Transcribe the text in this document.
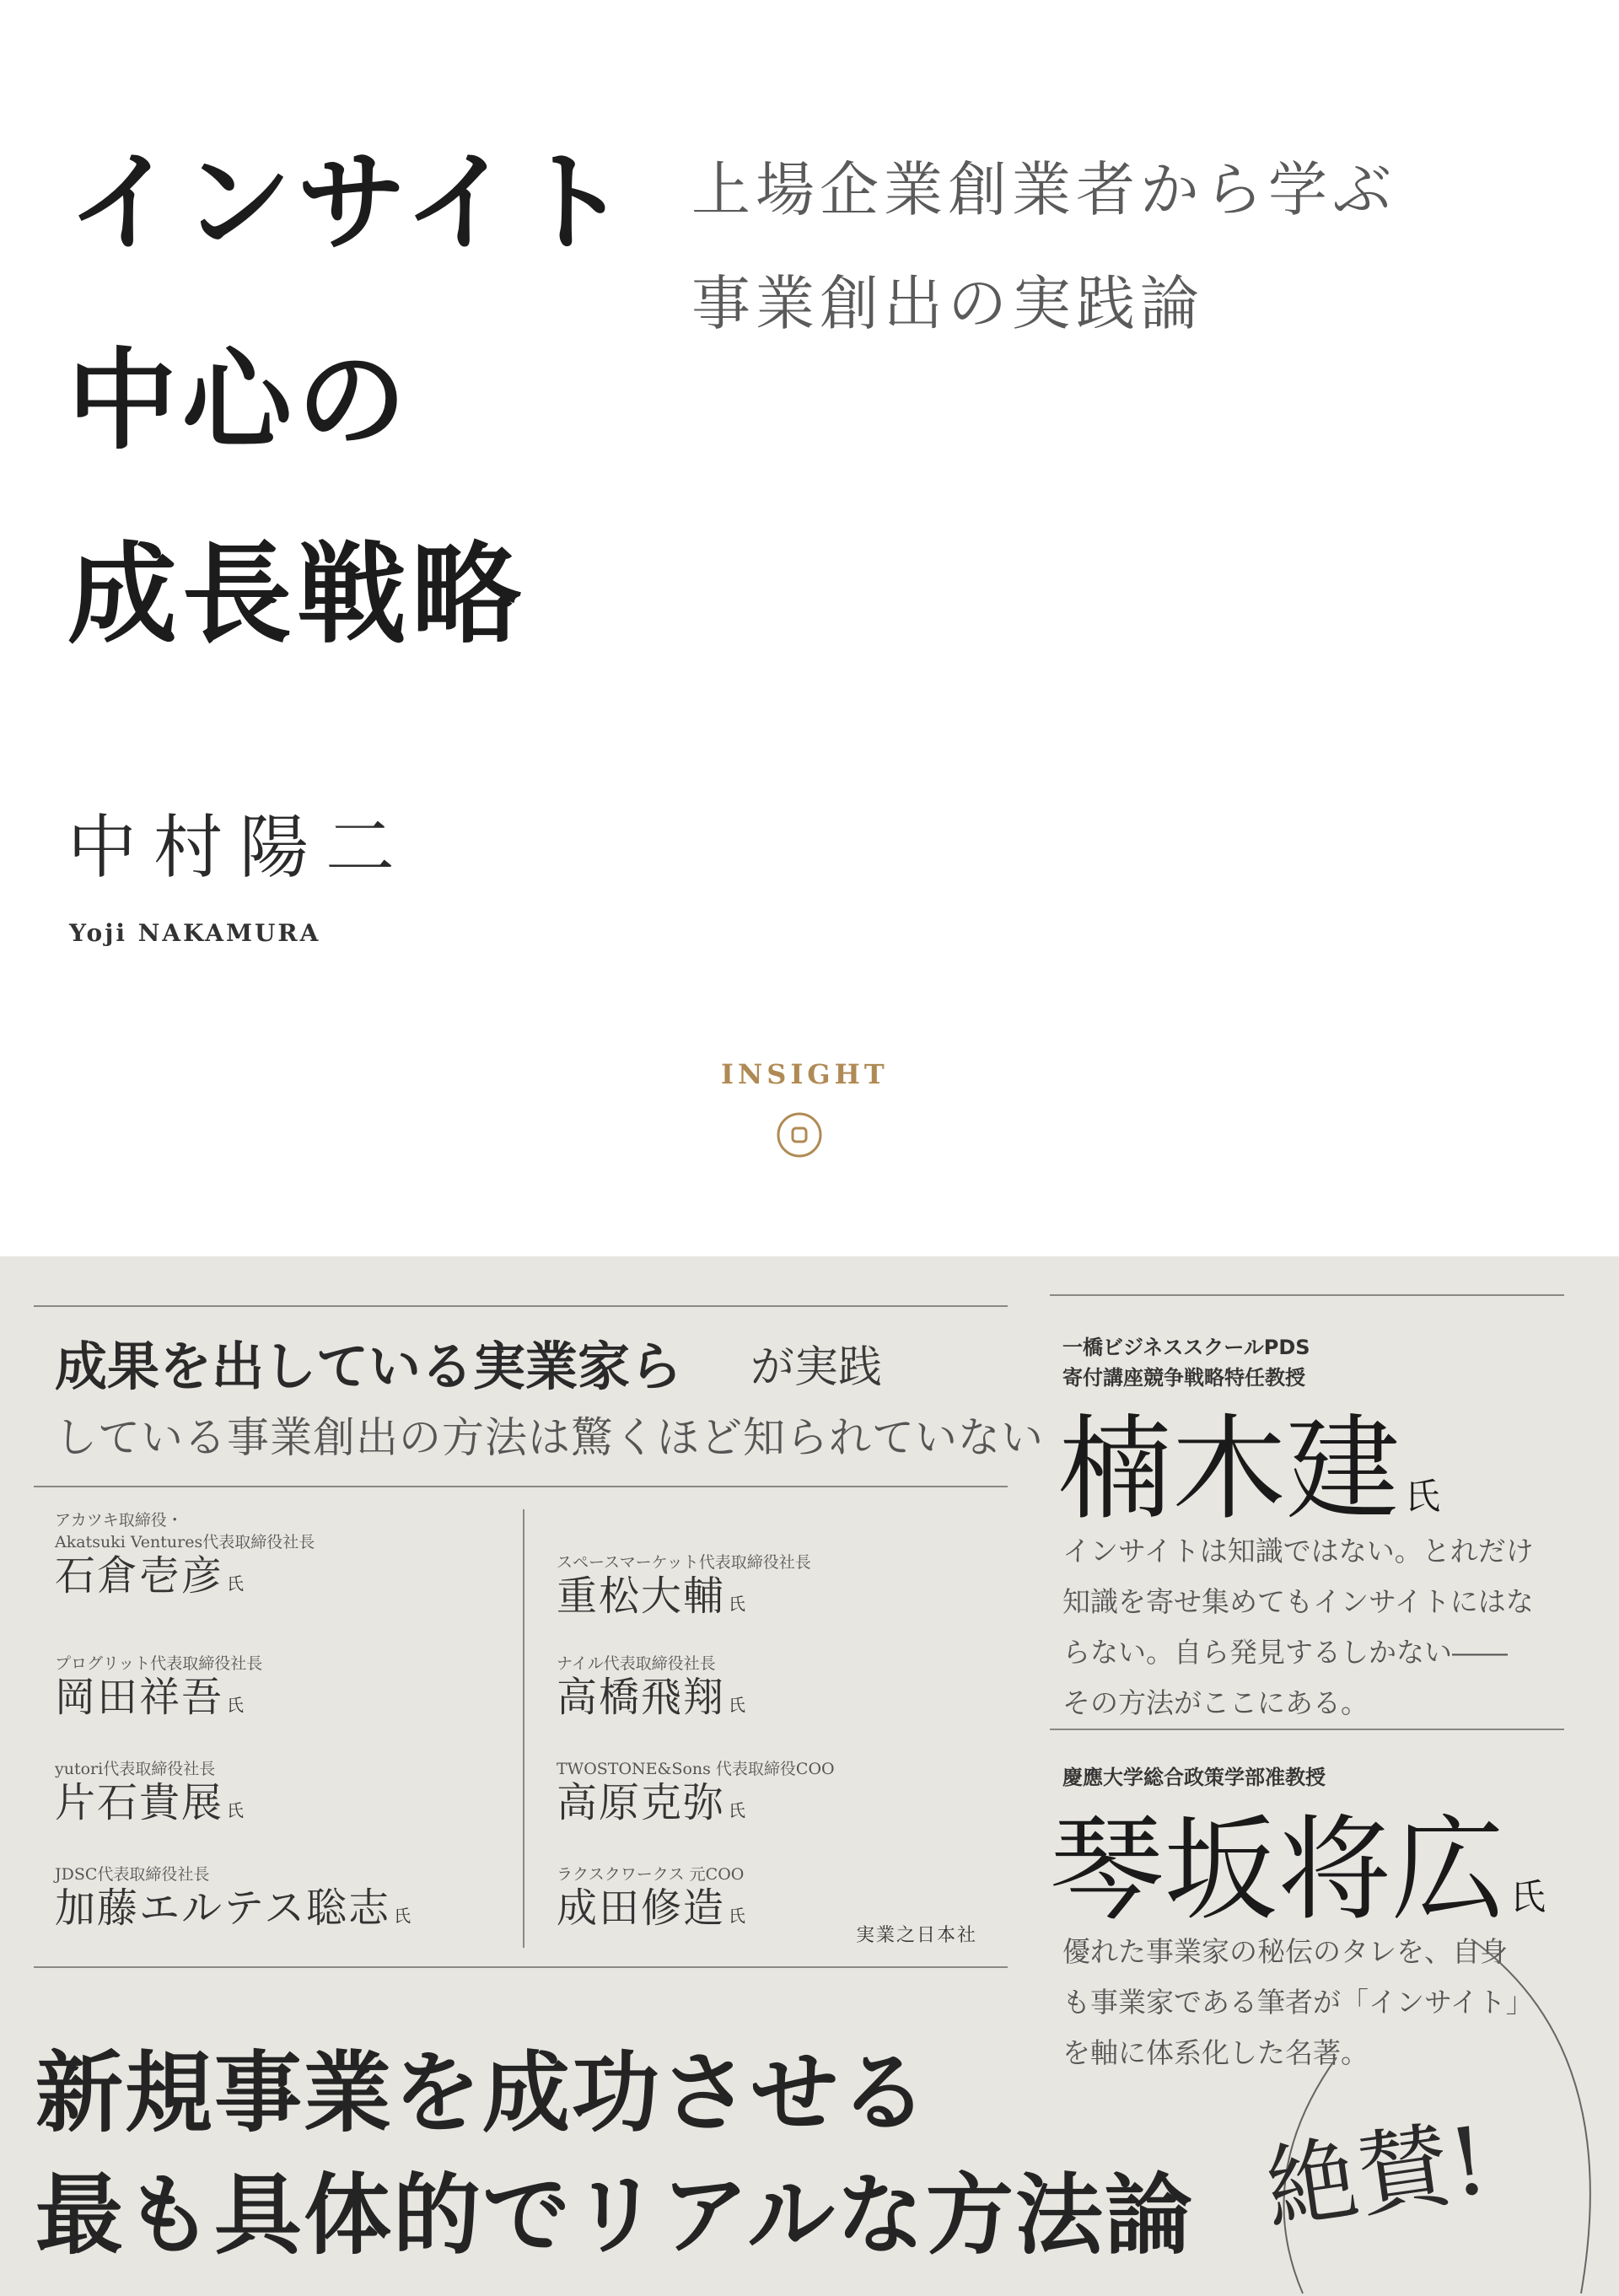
インサイト
中心の
成長戦略
上場企業創業者から学ぶ
事業創出の実践論
中村陽二
Yoji NAKAMURA
INSIGHT
成果を出している実業家ら が実践
している事業創出の方法は驚くほど知られていない
アカツキ取締役・
Akatsuki Ventures代表取締役社長
石倉壱彦 氏
プログリット代表取締役社長
岡田祥吾 氏
yutori代表取締役社長
片石貴展 氏
JDSC代表取締役社長
加藤エルテス聡志 氏
スペースマーケット代表取締役社長
重松大輔 氏
ナイル代表取締役社長
高橋飛翔 氏
TWOSTONE&Sons 代表取締役COO
高原克弥 氏
ラクスクワークス 元COO
成田修造 氏
実業之日本社
一橋ビジネススクールPDS
寄付講座競争戦略特任教授
楠木建 氏
インサイトは知識ではない。とれだけ
知識を寄せ集めてもインサイトにはな
らない。自ら発見するしかない――
その方法がここにある。
慶應大学総合政策学部准教授
琴坂将広 氏
優れた事業家の秘伝のタレを、自身
も事業家である筆者が「インサイト」
を軸に体系化した名著。
新規事業を成功させる
最も具体的でリアルな方法論 絶賛!
